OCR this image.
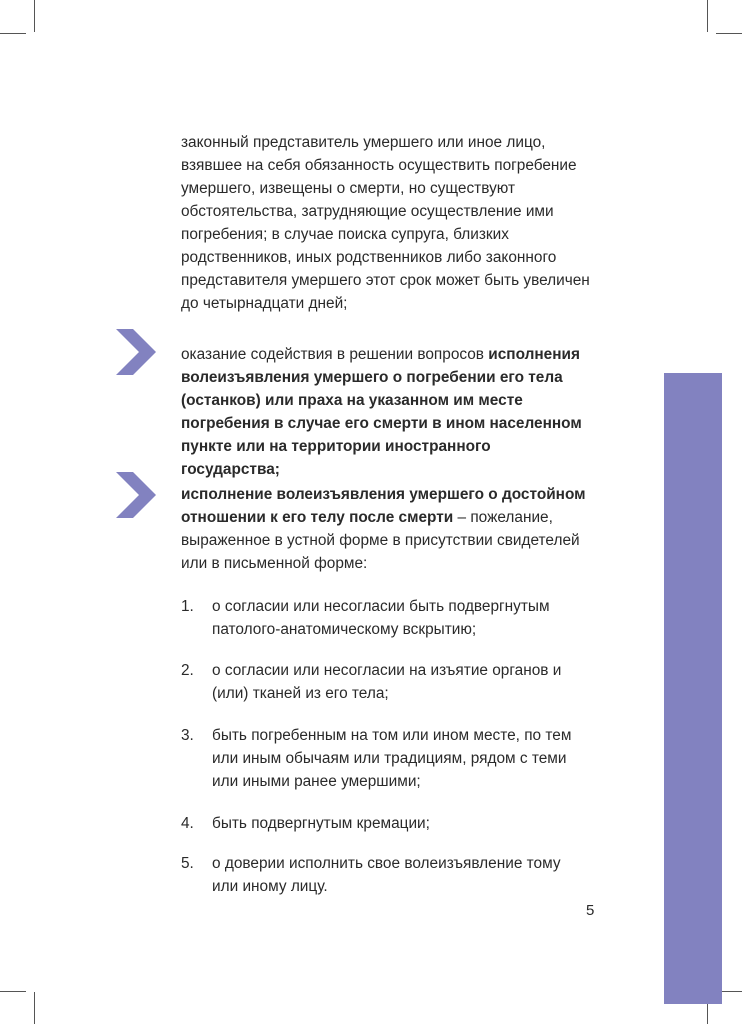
законный представитель умершего или иное лицо, взявшее на себя обязанность осуществить погребение умершего, извещены о смерти, но существуют обстоятельства, затрудняющие осуществление ими погребения; в случае поиска супруга, близких родственников, иных родственников либо законного представителя умершего этот срок может быть увеличен до четырнадцати дней;

оказание содействия в решении вопросов исполнения волеизъявления умершего о погребении его тела (останков) или праха на указанном им месте погребения в случае его смерти в ином населенном пункте или на территории иностранного государства;

исполнение волеизъявления умершего о достойном отношении к его телу после смерти – пожелание, выраженное в устной форме в присутствии свидетелей или в письменной форме:

1.	о согласии или несогласии быть подвергнутым патолого-анатомическому вскрытию;
2.	о согласии или несогласии на изъятие органов и (или) тканей из его тела;
3.	быть погребенным на том или ином месте, по тем или иным обычаям или традициям, рядом с теми или иными ранее умершими;
4.	быть подвергнутым кремации;
5.	о доверии исполнить свое волеизъявление тому или иному лицу.
5
